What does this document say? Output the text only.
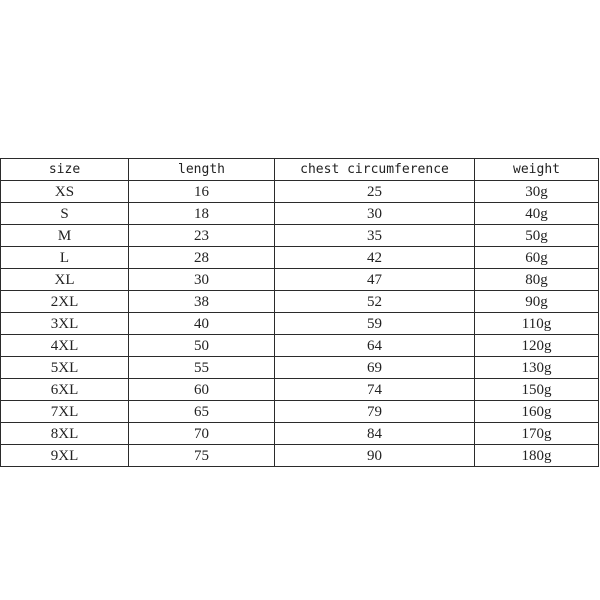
size	length	chest circumference	weight
XS	16	25	30g
S	18	30	40g
M	23	35	50g
L	28	42	60g
XL	30	47	80g
2XL	38	52	90g
3XL	40	59	110g
4XL	50	64	120g
5XL	55	69	130g
6XL	60	74	150g
7XL	65	79	160g
8XL	70	84	170g
9XL	75	90	180g
